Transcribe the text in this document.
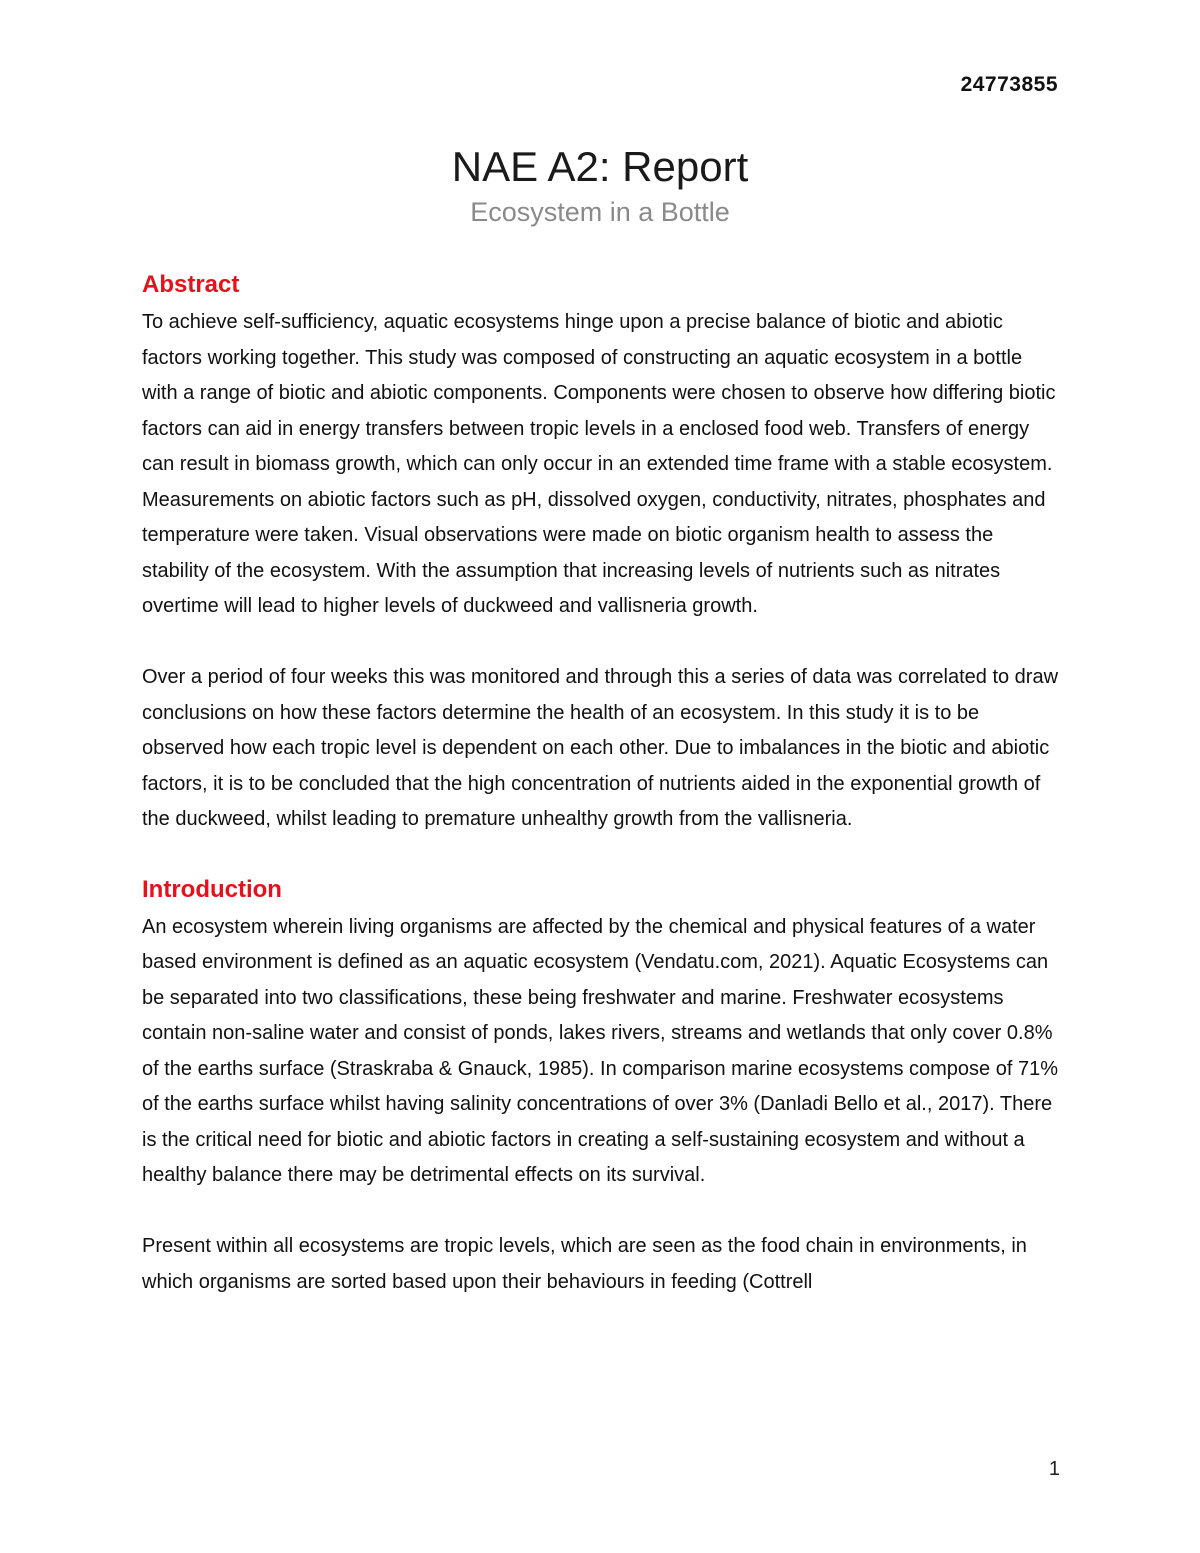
24773855
NAE A2: Report
Ecosystem in a Bottle
Abstract

To achieve self-sufficiency, aquatic ecosystems hinge upon a precise balance of biotic and abiotic factors working together. This study was composed of constructing an aquatic ecosystem in a bottle with a range of biotic and abiotic components. Components were chosen to observe how differing biotic factors can aid in energy transfers between tropic levels in a enclosed food web. Transfers of energy can result in biomass growth, which can only occur in an extended time frame with a stable ecosystem. Measurements on abiotic factors such as pH, dissolved oxygen, conductivity, nitrates, phosphates and temperature were taken. Visual observations were made on biotic organism health to assess the stability of the ecosystem. With the assumption that increasing levels of nutrients such as nitrates overtime will lead to higher levels of duckweed and vallisneria growth.

Over a period of four weeks this was monitored and through this a series of data was correlated to draw conclusions on how these factors determine the health of an ecosystem. In this study it is to be observed how each tropic level is dependent on each other. Due to imbalances in the biotic and abiotic factors, it is to be concluded that the high concentration of nutrients aided in the exponential growth of the duckweed, whilst leading to premature unhealthy growth from the vallisneria.

Introduction

An ecosystem wherein living organisms are affected by the chemical and physical features of a water based environment is defined as an aquatic ecosystem (Vendatu.com, 2021). Aquatic Ecosystems can be separated into two classifications, these being freshwater and marine. Freshwater ecosystems contain non-saline water and consist of ponds, lakes rivers, streams and wetlands that only cover 0.8% of the earths surface (Straskraba & Gnauck, 1985). In comparison marine ecosystems compose of 71% of the earths surface whilst having salinity concentrations of over 3% (Danladi Bello et al., 2017). There is the critical need for biotic and abiotic factors in creating a self-sustaining ecosystem and without a healthy balance there may be detrimental effects on its survival.

Present within all ecosystems are tropic levels, which are seen as the food chain in environments, in which organisms are sorted based upon their behaviours in feeding (Cottrell

1
